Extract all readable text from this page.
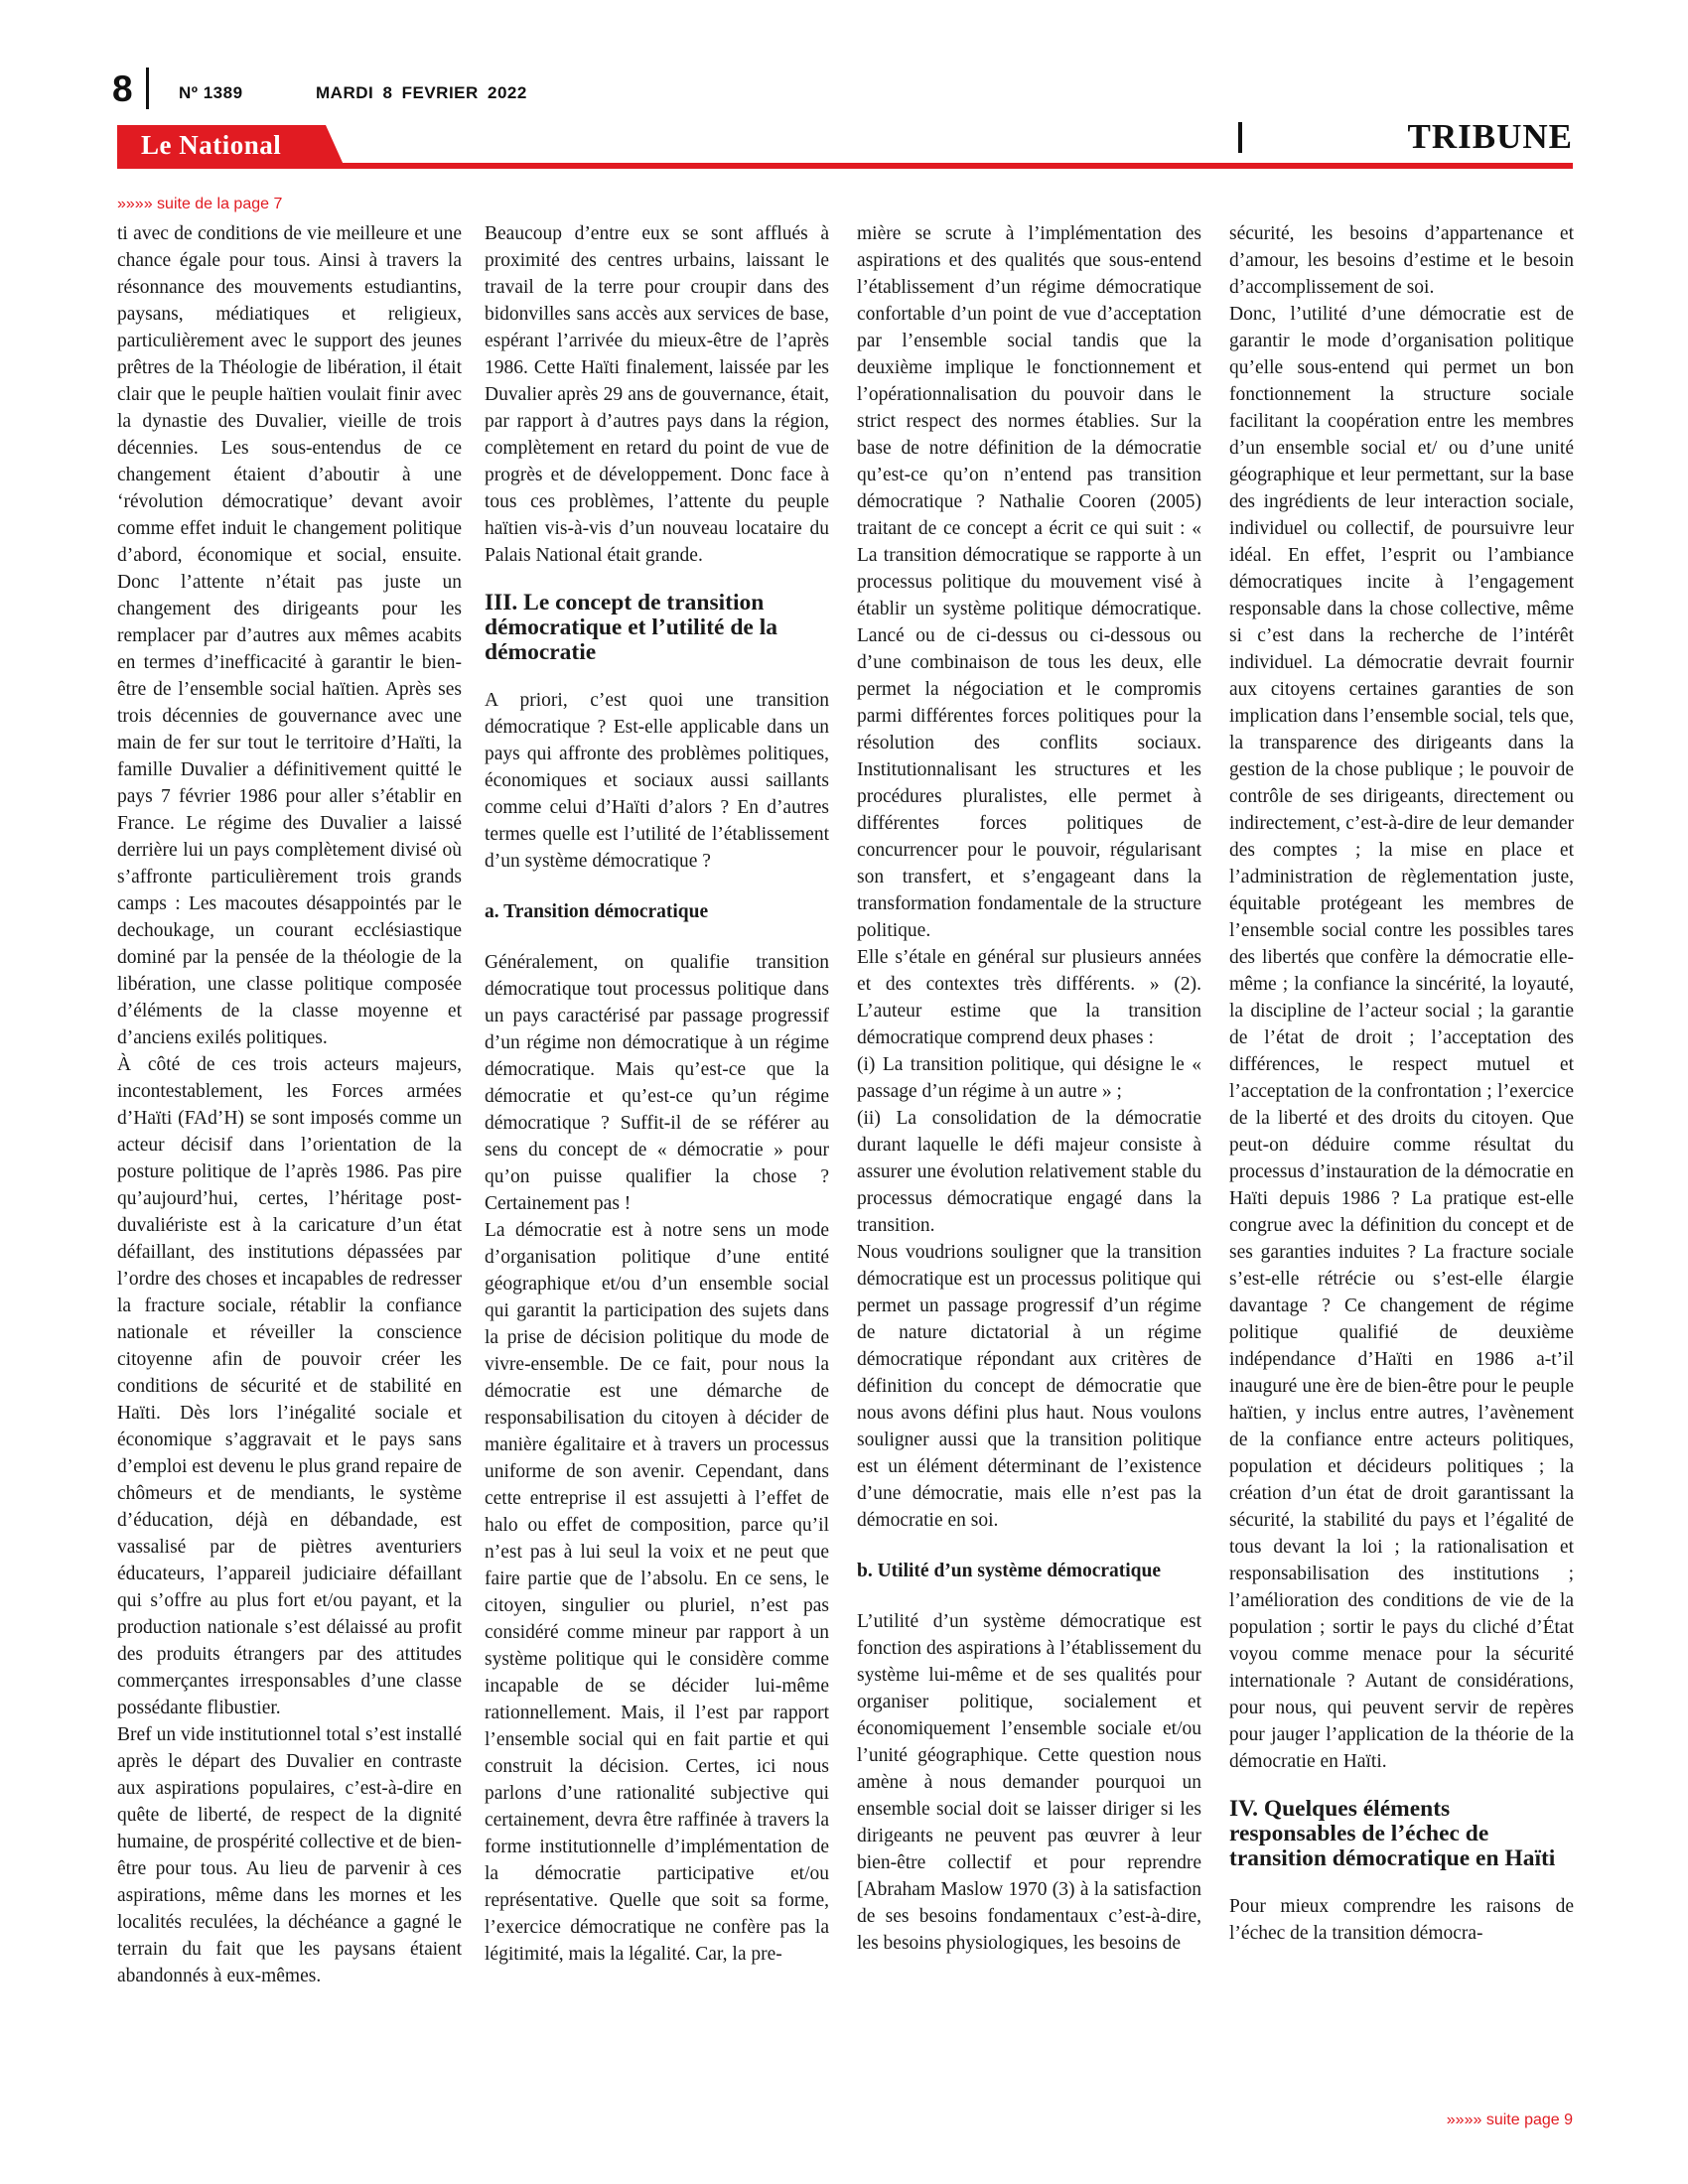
8	Nº 1389	MARDI 8 FEVRIER 2022
Le National	TRIBUNE
»»»» suite de la page 7

ti avec de conditions de vie meilleure et une chance égale pour tous. Ainsi à travers la résonnance des mouvements estudiantins, paysans, médiatiques et religieux, particulièrement avec le support des jeunes prêtres de la Théologie de libération, il était clair que le peuple haïtien voulait finir avec la dynastie des Duvalier, vieille de trois décennies. Les sous-entendus de ce changement étaient d’aboutir à une ‘révolution démocratique’ devant avoir comme effet induit le changement politique d’abord, économique et social, ensuite. Donc l’attente n’était pas juste un changement des dirigeants pour les remplacer par d’autres aux mêmes acabits en termes d’inefficacité à garantir le bien-être de l’ensemble social haïtien. Après ses trois décennies de gouvernance avec une main de fer sur tout le territoire d’Haïti, la famille Duvalier a définitivement quitté le pays 7 février 1986 pour aller s’établir en France. Le régime des Duvalier a laissé derrière lui un pays complètement divisé où s’affronte particulièrement trois grands camps : Les macoutes désappointés par le dechoukage, un courant ecclésiastique dominé par la pensée de la théologie de la libération, une classe politique composée d’éléments de la classe moyenne et d’anciens exilés politiques.

À côté de ces trois acteurs majeurs, incontestablement, les Forces armées d’Haïti (FAd’H) se sont imposés comme un acteur décisif dans l’orientation de la posture politique de l’après 1986. Pas pire qu’aujourd’hui, certes, l’héritage post-duvaliériste est à la caricature d’un état défaillant, des institutions dépassées par l’ordre des choses et incapables de redresser la fracture sociale, rétablir la confiance nationale et réveiller la conscience citoyenne afin de pouvoir créer les conditions de sécurité et de stabilité en Haïti. Dès lors l’inégalité sociale et économique s’aggravait et le pays sans d’emploi est devenu le plus grand repaire de chômeurs et de mendiants, le système d’éducation, déjà en débandade, est vassalisé par de piètres aventuriers éducateurs, l’appareil judiciaire défaillant qui s’offre au plus fort et/ou payant, et la production nationale s’est délaissé au profit des produits étrangers par des attitudes commerçantes irresponsables d’une classe possédante flibustier.

Bref un vide institutionnel total s’est installé après le départ des Duvalier en contraste aux aspirations populaires, c’est-à-dire en quête de liberté, de respect de la dignité humaine, de prospérité collective et de bien-être pour tous. Au lieu de parvenir à ces aspirations, même dans les mornes et les localités reculées, la déchéance a gagné le terrain du fait que les paysans étaient abandonnés à eux-mêmes.

Beaucoup d’entre eux se sont afflués à proximité des centres urbains, laissant le travail de la terre pour croupir dans des bidonvilles sans accès aux services de base, espérant l’arrivée du mieux-être de l’après 1986. Cette Haïti finalement, laissée par les Duvalier après 29 ans de gouvernance, était, par rapport à d’autres pays dans la région, complètement en retard du point de vue de progrès et de développement. Donc face à tous ces problèmes, l’attente du peuple haïtien vis-à-vis d’un nouveau locataire du Palais National était grande.

III. Le concept de transition démocratique et l’utilité de la démocratie

A priori, c’est quoi une transition démocratique ? Est-elle applicable dans un pays qui affronte des problèmes politiques, économiques et sociaux aussi saillants comme celui d’Haïti d’alors ? En d’autres termes quelle est l’utilité de l’établissement d’un système démocratique ?

a. Transition démocratique

Généralement, on qualifie transition démocratique tout processus politique dans un pays caractérisé par passage progressif d’un régime non démocratique à un régime démocratique. Mais qu’est-ce que la démocratie et qu’est-ce qu’un régime démocratique ? Suffit-il de se référer au sens du concept de « démocratie » pour qu’on puisse qualifier la chose ? Certainement pas !

La démocratie est à notre sens un mode d’organisation politique d’une entité géographique et/ou d’un ensemble social qui garantit la participation des sujets dans la prise de décision politique du mode de vivre-ensemble. De ce fait, pour nous la démocratie est une démarche de responsabilisation du citoyen à décider de manière égalitaire et à travers un processus uniforme de son avenir. Cependant, dans cette entreprise il est assujetti à l’effet de halo ou effet de composition, parce qu’il n’est pas à lui seul la voix et ne peut que faire partie que de l’absolu. En ce sens, le citoyen, singulier ou pluriel, n’est pas considéré comme mineur par rapport à un système politique qui le considère comme incapable de se décider lui-même rationnellement. Mais, il l’est par rapport l’ensemble social qui en fait partie et qui construit la décision. Certes, ici nous parlons d’une rationalité subjective qui certainement, devra être raffinée à travers la forme institutionnelle d’implémentation de la démocratie participative et/ou représentative. Quelle que soit sa forme, l’exercice démocratique ne confère pas la légitimité, mais la légalité. Car, la pre-

mière se scrute à l’implémentation des aspirations et des qualités que sous-entend l’établissement d’un régime démocratique confortable d’un point de vue d’acceptation par l’ensemble social tandis que la deuxième implique le fonctionnement et l’opérationnalisation du pouvoir dans le strict respect des normes établies. Sur la base de notre définition de la démocratie qu’est-ce qu’on n’entend pas transition démocratique ? Nathalie Cooren (2005) traitant de ce concept a écrit ce qui suit : « La transition démocratique se rapporte à un processus politique du mouvement visé à établir un système politique démocratique. Lancé ou de ci-dessus ou ci-dessous ou d’une combinaison de tous les deux, elle permet la négociation et le compromis parmi différentes forces politiques pour la résolution des conflits sociaux. Institutionnalisant les structures et les procédures pluralistes, elle permet à différentes forces politiques de concurrencer pour le pouvoir, régularisant son transfert, et s’engageant dans la transformation fondamentale de la structure politique.

Elle s’étale en général sur plusieurs années et des contextes très différents. » (2). L’auteur estime que la transition démocratique comprend deux phases :

(i) La transition politique, qui désigne le « passage d’un régime à un autre » ;

(ii) La consolidation de la démocratie durant laquelle le défi majeur consiste à assurer une évolution relativement stable du processus démocratique engagé dans la transition.

Nous voudrions souligner que la transition démocratique est un processus politique qui permet un passage progressif d’un régime de nature dictatorial à un régime démocratique répondant aux critères de définition du concept de démocratie que nous avons défini plus haut. Nous voulons souligner aussi que la transition politique est un élément déterminant de l’existence d’une démocratie, mais elle n’est pas la démocratie en soi.

b. Utilité d’un système démocratique

L’utilité d’un système démocratique est fonction des aspirations à l’établissement du système lui-même et de ses qualités pour organiser politique, socialement et économiquement l’ensemble sociale et/ou l’unité géographique. Cette question nous amène à nous demander pourquoi un ensemble social doit se laisser diriger si les dirigeants ne peuvent pas œuvrer à leur bien-être collectif et pour reprendre [Abraham Maslow 1970 (3) à la satisfaction de ses besoins fondamentaux c’est-à-dire, les besoins physiologiques, les besoins de

sécurité, les besoins d’appartenance et d’amour, les besoins d’estime et le besoin d’accomplissement de soi.

Donc, l’utilité d’une démocratie est de garantir le mode d’organisation politique qu’elle sous-entend qui permet un bon fonctionnement la structure sociale facilitant la coopération entre les membres d’un ensemble social et/ ou d’une unité géographique et leur permettant, sur la base des ingrédients de leur interaction sociale, individuel ou collectif, de poursuivre leur idéal. En effet, l’esprit ou l’ambiance démocratiques incite à l’engagement responsable dans la chose collective, même si c’est dans la recherche de l’intérêt individuel. La démocratie devrait fournir aux citoyens certaines garanties de son implication dans l’ensemble social, tels que, la transparence des dirigeants dans la gestion de la chose publique ; le pouvoir de contrôle de ses dirigeants, directement ou indirectement, c’est-à-dire de leur demander des comptes ; la mise en place et l’administration de règlementation juste, équitable protégeant les membres de l’ensemble social contre les possibles tares des libertés que confère la démocratie elle-même ; la confiance la sincérité, la loyauté, la discipline de l’acteur social ; la garantie de l’état de droit ; l’acceptation des différences, le respect mutuel et l’acceptation de la confrontation ; l’exercice de la liberté et des droits du citoyen. Que peut-on déduire comme résultat du processus d’instauration de la démocratie en Haïti depuis 1986 ? La pratique est-elle congrue avec la définition du concept et de ses garanties induites ? La fracture sociale s’est-elle rétrécie ou s’est-elle élargie davantage ? Ce changement de régime politique qualifié de deuxième indépendance d’Haïti en 1986 a-t’il inauguré une ère de bien-être pour le peuple haïtien, y inclus entre autres, l’avènement de la confiance entre acteurs politiques, population et décideurs politiques ; la création d’un état de droit garantissant la sécurité, la stabilité du pays et l’égalité de tous devant la loi ; la rationalisation et responsabilisation des institutions ; l’amélioration des conditions de vie de la population ; sortir le pays du cliché d’État voyou comme menace pour la sécurité internationale ? Autant de considérations, pour nous, qui peuvent servir de repères pour jauger l’application de la théorie de la démocratie en Haïti.

IV. Quelques éléments responsables de l’échec de transition démocratique en Haïti

Pour mieux comprendre les raisons de l’échec de la transition démocra-

»»»» suite page 9
